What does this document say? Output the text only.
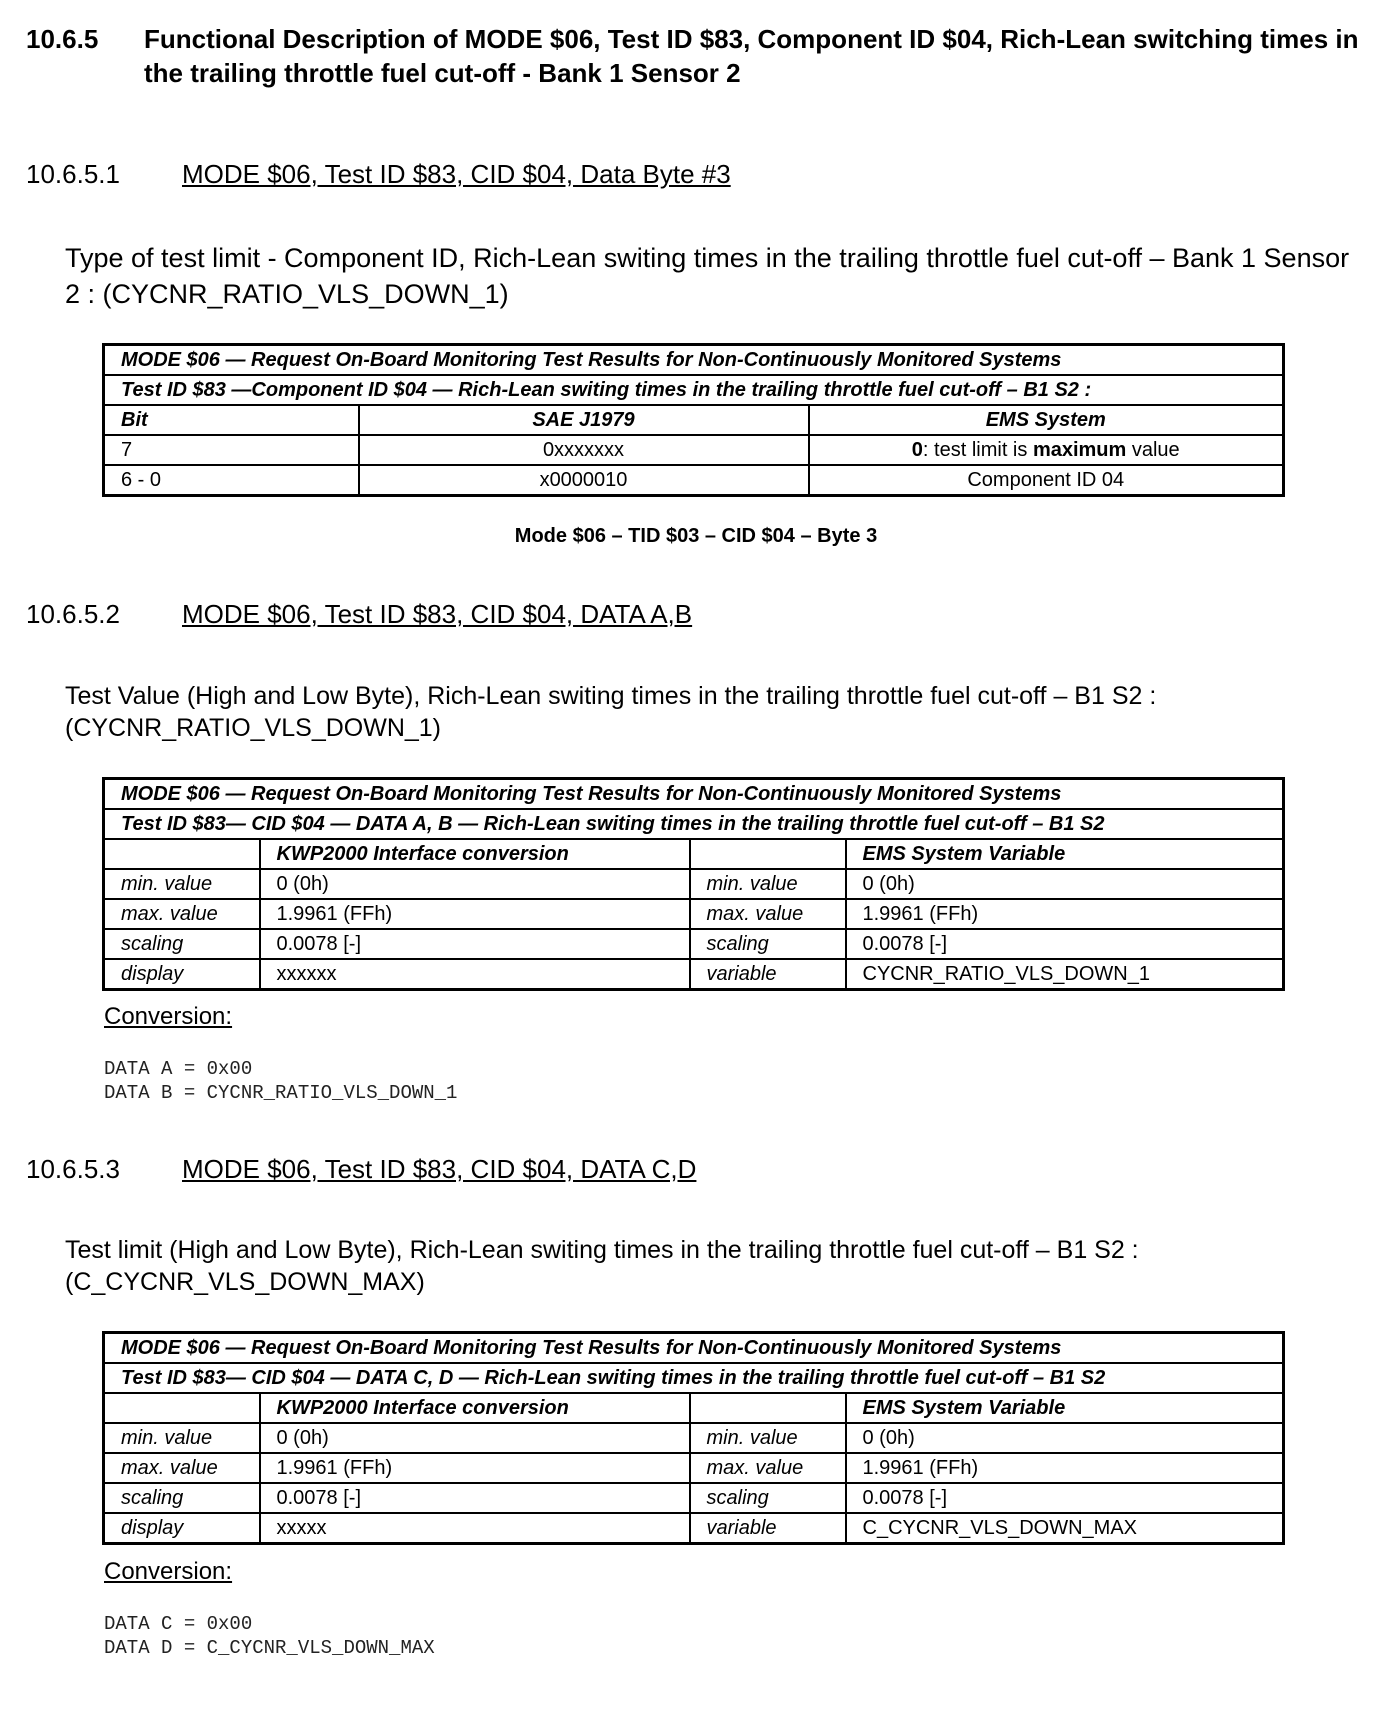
10.6.5 Functional Description of MODE $06, Test ID $83, Component ID $04, Rich-Lean switching times in the trailing throttle fuel cut-off - Bank 1 Sensor 2
10.6.5.1 MODE $06, Test ID $83, CID $04, Data Byte #3
Type of test limit - Component ID, Rich-Lean switing times in the trailing throttle fuel cut-off – Bank 1 Sensor 2 : (CYCNR_RATIO_VLS_DOWN_1)
MODE $06 — Request On-Board Monitoring Test Results for Non-Continuously Monitored Systems		
Test ID $83 —Component ID $04 — Rich-Lean switing times in the trailing throttle fuel cut-off – B1 S2 :		
Bit	SAE J1979	EMS System
7	0xxxxxxx	0: test limit is maximum value
6 - 0	x0000010	Component ID 04
Mode $06 – TID $03 – CID $04 – Byte 3
10.6.5.2 MODE $06, Test ID $83, CID $04, DATA A,B
Test Value (High and Low Byte), Rich-Lean switing times in the trailing throttle fuel cut-off – B1 S2 : (CYCNR_RATIO_VLS_DOWN_1)
MODE $06 — Request On-Board Monitoring Test Results for Non-Continuously Monitored Systems			
Test ID $83— CID $04 — DATA A, B — Rich-Lean switing times in the trailing throttle fuel cut-off – B1 S2			
	KWP2000 Interface conversion		EMS System Variable
min. value	0 (0h)	min. value	0 (0h)
max. value	1.9961 (FFh)	max. value	1.9961 (FFh)
scaling	0.0078 [-]	scaling	0.0078 [-]
display	xxxxxx	variable	CYCNR_RATIO_VLS_DOWN_1
Conversion:
DATA A = 0x00
DATA B = CYCNR_RATIO_VLS_DOWN_1
10.6.5.3 MODE $06, Test ID $83, CID $04, DATA C,D
Test limit (High and Low Byte), Rich-Lean switing times in the trailing throttle fuel cut-off – B1 S2 : (C_CYCNR_VLS_DOWN_MAX)
MODE $06 — Request On-Board Monitoring Test Results for Non-Continuously Monitored Systems			
Test ID $83— CID $04 — DATA C, D — Rich-Lean switing times in the trailing throttle fuel cut-off – B1 S2			
	KWP2000 Interface conversion		EMS System Variable
min. value	0 (0h)	min. value	0 (0h)
max. value	1.9961 (FFh)	max. value	1.9961 (FFh)
scaling	0.0078 [-]	scaling	0.0078 [-]
display	xxxxx	variable	C_CYCNR_VLS_DOWN_MAX
Conversion:
DATA C = 0x00
DATA D = C_CYCNR_VLS_DOWN_MAX
